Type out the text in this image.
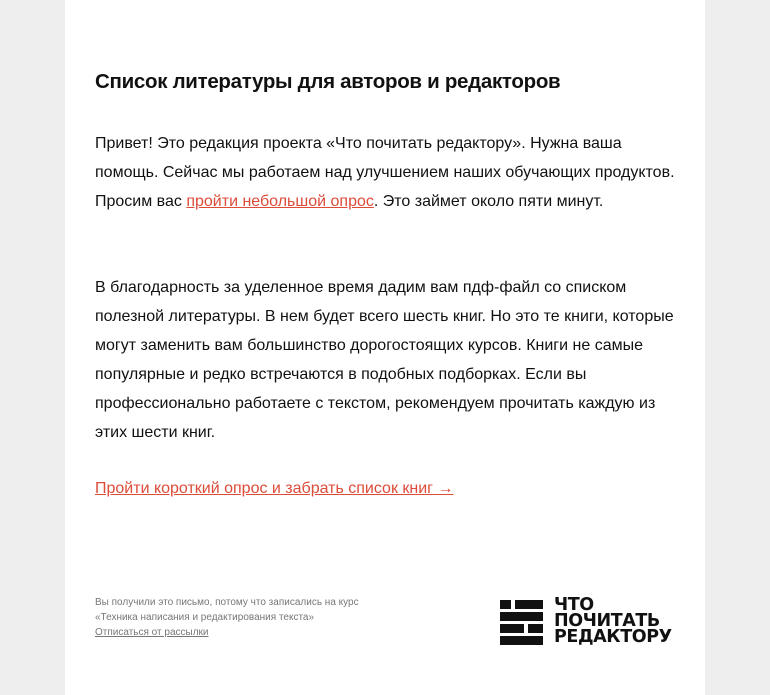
Список литературы для авторов и редакторов

Привет! Это редакция проекта «Что почитать редактору». Нужна ваша помощь. Сейчас мы работаем над улучшением наших обучающих продуктов. Просим вас пройти небольшой опрос. Это займет около пяти минут.

В благодарность за уделенное время дадим вам пдф-файл со списком полезной литературы. В нем будет всего шесть книг. Но это те книги, которые могут заменить вам большинство дорогостоящих курсов. Книги не самые популярные и редко встречаются в подобных подборках. Если вы профессионально работаете с текстом, рекомендуем прочитать каждую из этих шести книг.

Пройти короткий опрос и забрать список книг →
Вы получили это письмо, потому что записались на курс
«Техника написания и редактирования текста»
Отписаться от рассылки
ЧТО
ПОЧИТАТЬ
РЕДАКТОРУ
